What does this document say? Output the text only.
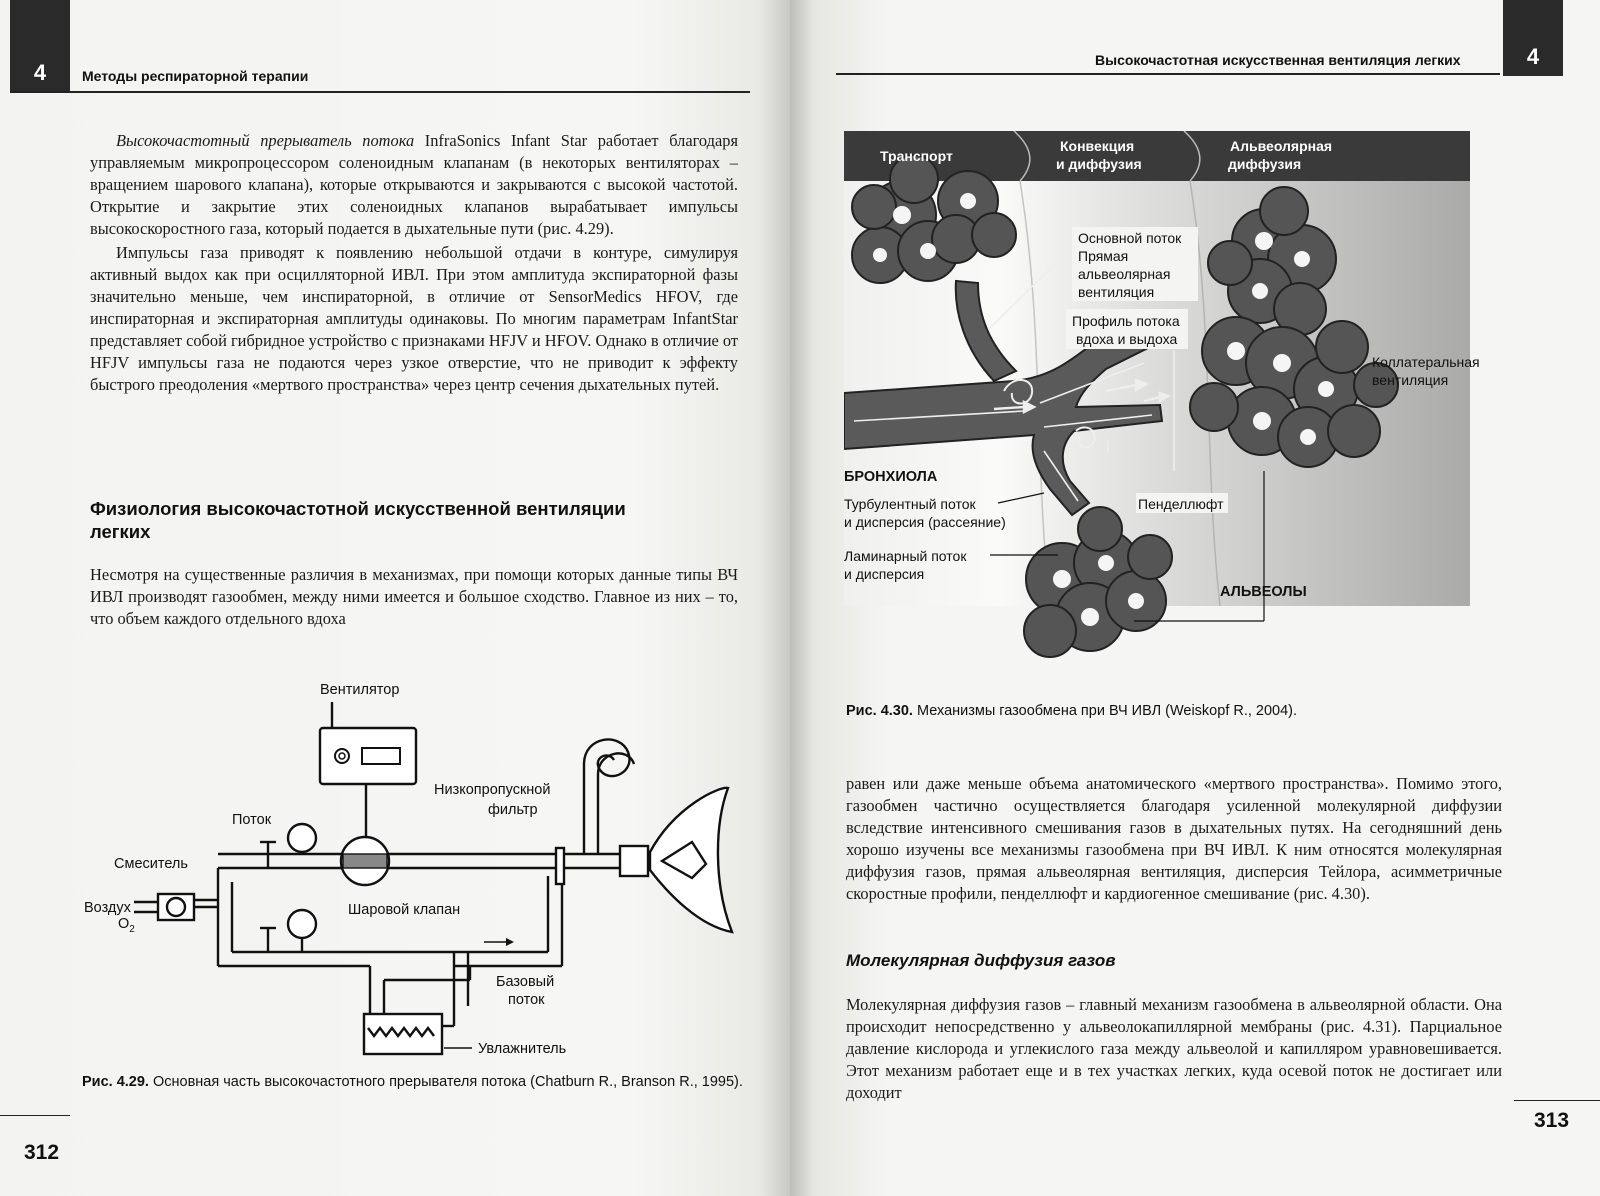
4	Методы респираторной терапии

Высокочастотный прерыватель потока InfraSonics Infant Star работает благодаря управляемым микропроцессором соленоидным клапанам (в некоторых вентиляторах – вращением шарового клапана), которые открываются и закрываются с высокой частотой. Открытие и закрытие этих соленоидных клапанов вырабатывает импульсы высокоскоростного газа, который подается в дыхательные пути (рис. 4.29).

Импульсы газа приводят к появлению небольшой отдачи в контуре, симулируя активный выдох как при осцилляторной ИВЛ. При этом амплитуда экспираторной фазы значительно меньше, чем инспираторной, в отличие от SensorMedics HFOV, где инспираторная и экспираторная амплитуды одинаковы. По многим параметрам InfantStar представляет собой гибридное устройство с признаками HFJV и HFOV. Однако в отличие от HFJV импульсы газа не подаются через узкое отверстие, что не приводит к эффекту быстрого преодоления «мертвого пространства» через центр сечения дыхательных путей.

Физиология высокочастотной искусственной вентиляции легких

Несмотря на существенные различия в механизмах, при помощи которых данные типы ВЧ ИВЛ производят газообмен, между ними имеется и большое сходство. Главное из них – то, что объем каждого отдельного вдоха

Вентилятор
Низкопропускной
фильтр
Поток
Смеситель
Воздух
$O_2$
Шаровой клапан
Базовый
поток
Увлажнитель
Рис. 4.29. Основная часть высокочастотного прерывателя потока (Chatburn R., Branson R., 1995).
312
Высокочастотная искусственная вентиляция легких	4
Транспорт
Конвекция
и диффузия
Альвеолярная
диффузия
Основной поток
Прямая
альвеолярная
вентиляция
Профиль потока
вдоха и выдоха
Коллатеральная
вентиляция
БРОНХИОЛА
Турбулентный поток
и дисперсия (рассеяние)
Пенделлюфт
Ламинарный поток
и дисперсия
АЛЬВЕОЛЫ
Рис. 4.30. Механизмы газообмена при ВЧ ИВЛ (Weiskopf R., 2004).

равен или даже меньше объема анатомического «мертвого пространства». Помимо этого, газообмен частично осуществляется благодаря усиленной молекулярной диффузии вследствие интенсивного смешивания газов в дыхательных путях. На сегодняшний день хорошо изучены все механизмы газообмена при ВЧ ИВЛ. К ним относятся молекулярная диффузия газов, прямая альвеолярная вентиляция, дисперсия Тейлора, асимметричные скоростные профили, пенделлюфт и кардиогенное смешивание (рис. 4.30).

Молекулярная диффузия газов

Молекулярная диффузия газов – главный механизм газообмена в альвеолярной области. Она происходит непосредственно у альвеолокапиллярной мембраны (рис. 4.31). Парциальное давление кислорода и углекислого газа между альвеолой и капилляром уравновешивается. Этот механизм работает еще и в тех участках легких, куда осевой поток не достигает или доходит

313
